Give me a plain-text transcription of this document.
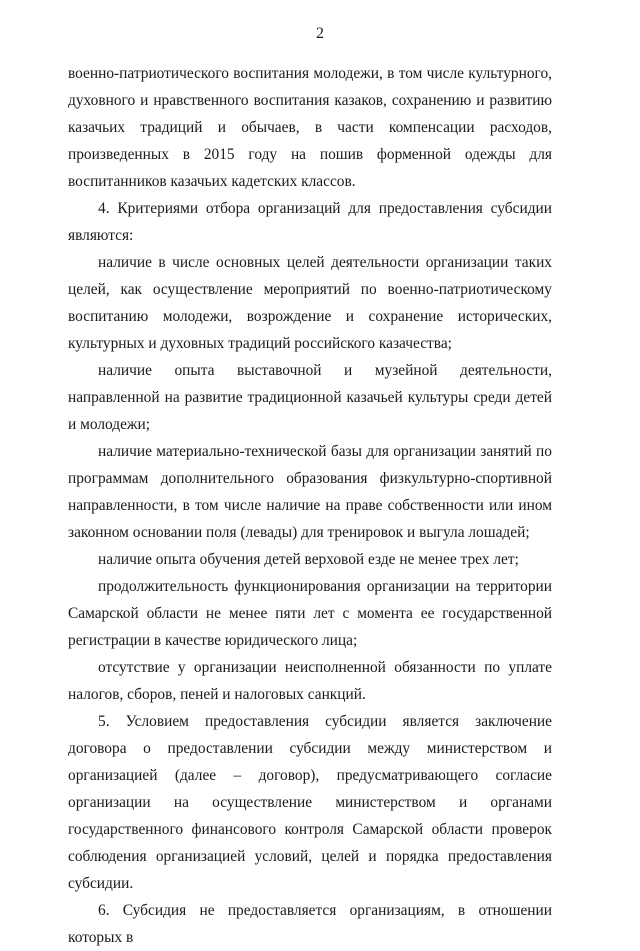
2

военно-патриотического воспитания молодежи, в том числе культурного, духовного и нравственного воспитания казаков, сохранению и развитию казачьих традиций и обычаев, в части компенсации расходов, произведенных в 2015 году на пошив форменной одежды для воспитанников казачьих кадетских классов.

4. Критериями отбора организаций для предоставления субсидии являются:

наличие в числе основных целей деятельности организации таких целей, как осуществление мероприятий по военно-патриотическому воспитанию молодежи, возрождение и сохранение исторических, культурных и духовных традиций российского казачества;

наличие опыта выставочной и музейной деятельности, направленной на развитие традиционной казачьей культуры среди детей и молодежи;

наличие материально-технической базы для организации занятий по программам дополнительного образования физкультурно-спортивной направленности, в том числе наличие на праве собственности или ином законном основании поля (левады) для тренировок и выгула лошадей;

наличие опыта обучения детей верховой езде не менее трех лет;

продолжительность функционирования организации на территории Самарской области не менее пяти лет с момента ее государственной регистрации в качестве юридического лица;

отсутствие у организации неисполненной обязанности по уплате налогов, сборов, пеней и налоговых санкций.

5. Условием предоставления субсидии является заключение договора о предоставлении субсидии между министерством и организацией (далее – договор), предусматривающего согласие организации на осуществление министерством и органами государственного финансового контроля Самарской области проверок соблюдения организацией условий, целей и порядка предоставления субсидии.

6. Субсидия не предоставляется организациям, в отношении которых в
